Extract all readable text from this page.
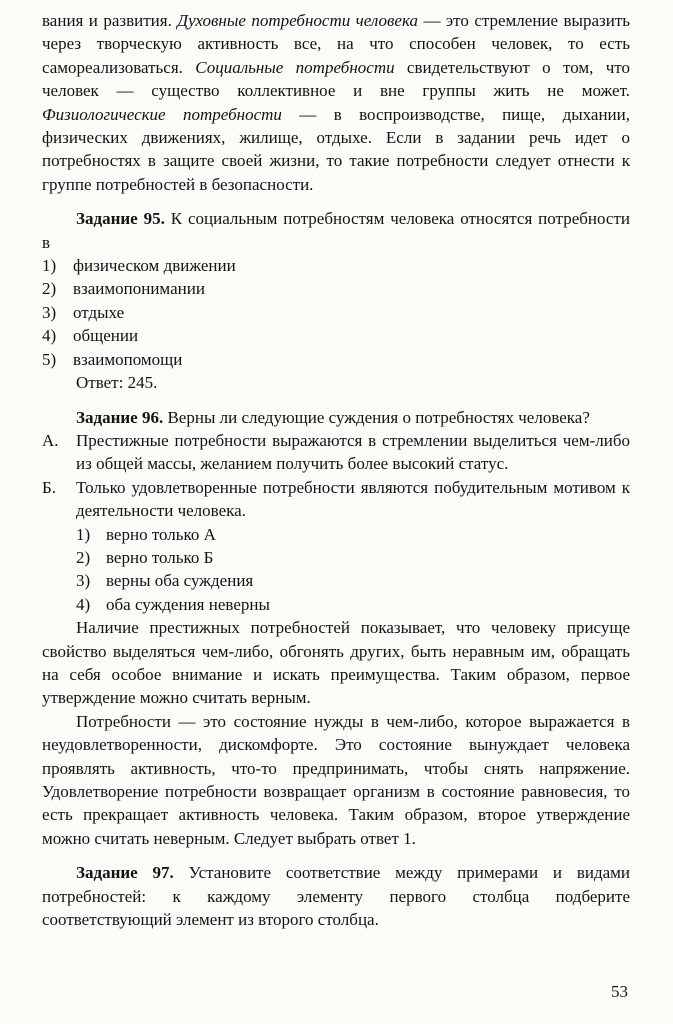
вания и развития. Духовные потребности человека — это стремление выразить через творческую активность все, на что способен человек, то есть самореализоваться. Социальные потребности свидетельствуют о том, что человек — существо коллективное и вне группы жить не может. Физиологические потребности — в воспроизводстве, пище, дыхании, физических движениях, жилище, отдыхе. Если в задании речь идет о потребностях в защите своей жизни, то такие потребности следует отнести к группе потребностей в безопасности.

Задание 95. К социальным потребностям человека относятся потребности в

1) физическом движении
2) взаимопонимании
3) отдыхе
4) общении
5) взаимопомощи

Ответ: 245.

Задание 96. Верны ли следующие суждения о потребностях человека?

А.	Престижные потребности выражаются в стремлении выделиться чем-либо из общей массы, желанием получить более высокий статус.
Б.	Только удовлетворенные потребности являются побудительным мотивом к деятельности человека.
1) верно только А
2) верно только Б
3) верны оба суждения
4) оба суждения неверны

Наличие престижных потребностей показывает, что человеку присуще свойство выделяться чем-либо, обгонять других, быть неравным им, обращать на себя особое внимание и искать преимущества. Таким образом, первое утверждение можно считать верным.

Потребности — это состояние нужды в чем-либо, которое выражается в неудовлетворенности, дискомфорте. Это состояние вынуждает человека проявлять активность, что-то предпринимать, чтобы снять напряжение. Удовлетворение потребности возвращает организм в состояние равновесия, то есть прекращает активность человека. Таким образом, второе утверждение можно считать неверным. Следует выбрать ответ 1.

Задание 97. Установите соответствие между примерами и видами потребностей: к каждому элементу первого столбца подберите соответствующий элемент из второго столбца.

53
